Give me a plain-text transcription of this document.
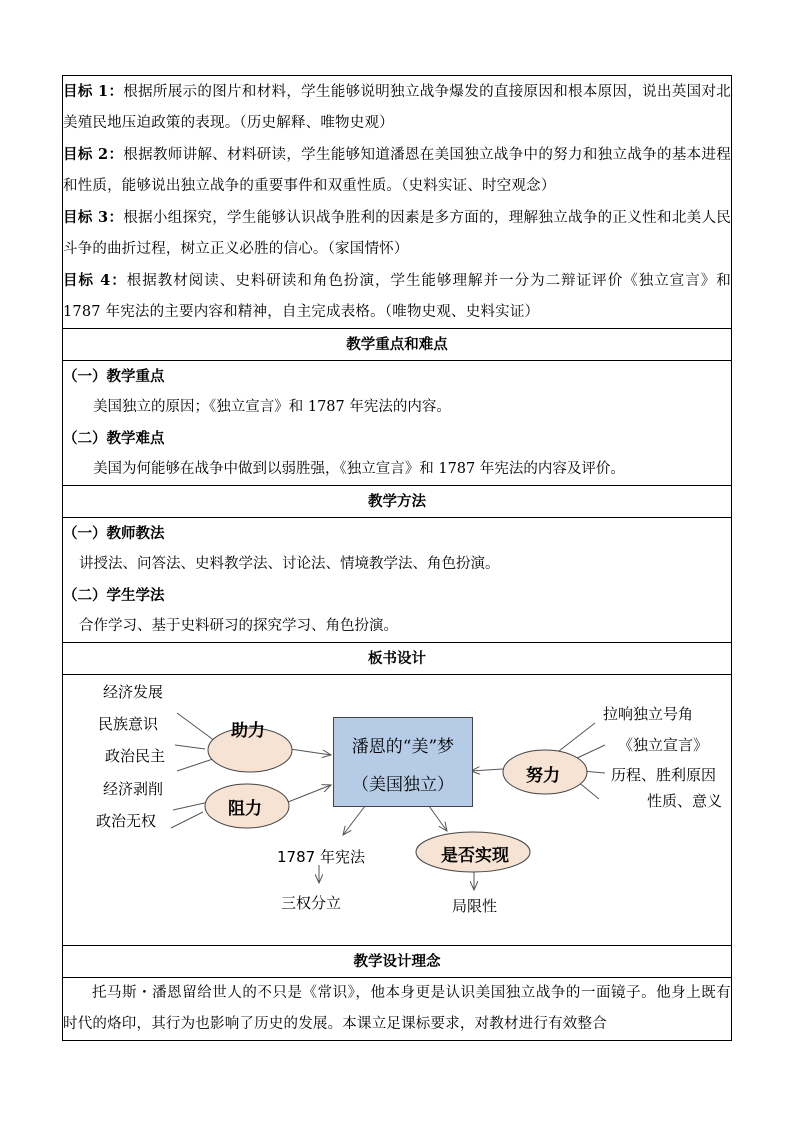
目标 1：根据所展示的图片和材料，学生能够说明独立战争爆发的直接原因和根本原因，说出英国对北美殖民地压迫政策的表现。（历史解释、唯物史观）
目标 2：根据教师讲解、材料研读，学生能够知道潘恩在美国独立战争中的努力和独立战争的基本进程和性质，能够说出独立战争的重要事件和双重性质。（史料实证、时空观念）
目标 3：根据小组探究，学生能够认识战争胜利的因素是多方面的，理解独立战争的正义性和北美人民斗争的曲折过程，树立正义必胜的信心。（家国情怀）
目标 4：根据教材阅读、史料研读和角色扮演，学生能够理解并一分为二辩证评价《独立宣言》和 1787 年宪法的主要内容和精神，自主完成表格。（唯物史观、史料实证）

教学重点和难点

（一）教学重点
美国独立的原因；《独立宣言》和 1787 年宪法的内容。
（二）教学难点
美国为何能够在战争中做到以弱胜强，《独立宣言》和 1787 年宪法的内容及评价。

教学方法

（一）教师教法
讲授法、问答法、史料教学法、讨论法、情境教学法、角色扮演。
（二）学生学法
合作学习、基于史料研习的探究学习、角色扮演。

板书设计

潘恩的“美”梦
（美国独立）
助力
阻力
努力
是否实现
经济发展
民族意识
政治民主
经济剥削
政治无权
拉响独立号角
《独立宣言》
历程、胜利原因
性质、意义
1787 年宪法
三权分立	局限性

教学设计理念
托马斯・潘恩留给世人的不只是《常识》，他本身更是认识美国独立战争的一面镜子。他身上既有时代的烙印，其行为也影响了历史的发展。本课立足课标要求，对教材进行有效整合
